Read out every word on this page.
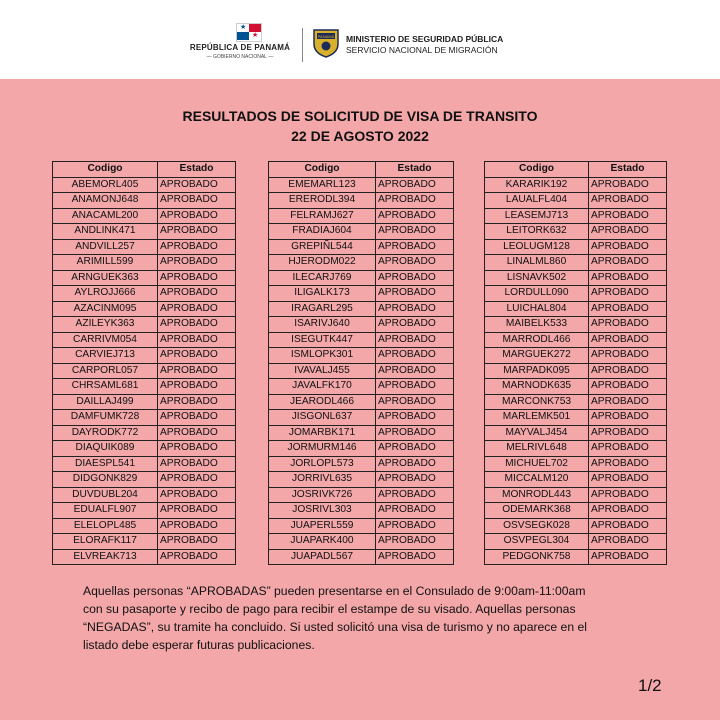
★
★
REPÚBLICA DE PANAMÁ
— GOBIERNO NACIONAL —
PANAMÁ MINISTERIO DE SEGURIDAD PÚBLICA
SERVICIO NACIONAL DE MIGRACIÓN
RESULTADOS DE SOLICITUD DE VISA DE TRANSITO
22 DE AGOSTO 2022
Codigo	Estado
ABEMORL405	APROBADO
ANAMONJ648	APROBADO
ANACAML200	APROBADO
ANDLINK471	APROBADO
ANDVILL257	APROBADO
ARIMILL599	APROBADO
ARNGUEK363	APROBADO
AYLROJJ666	APROBADO
AZACINM095	APROBADO
AZILEYK363	APROBADO
CARRIVM054	APROBADO
CARVIEJ713	APROBADO
CARPORL057	APROBADO
CHRSAML681	APROBADO
DAILLAJ499	APROBADO
DAMFUMK728	APROBADO
DAYRODK772	APROBADO
DIAQUIK089	APROBADO
DIAESPL541	APROBADO
DIDGONK829	APROBADO
DUVDUBL204	APROBADO
EDUALFL907	APROBADO
ELELOPL485	APROBADO
ELORAFK117	APROBADO
ELVREAK713	APROBADO
Codigo	Estado
EMEMARL123	APROBADO
ERERODL394	APROBADO
FELRAMJ627	APROBADO
FRADIAJ604	APROBADO
GREPIÑL544	APROBADO
HJERODM022	APROBADO
ILECARJ769	APROBADO
ILIGALK173	APROBADO
IRAGARL295	APROBADO
ISARIVJ640	APROBADO
ISEGUTK447	APROBADO
ISMLOPK301	APROBADO
IVAVALJ455	APROBADO
JAVALFK170	APROBADO
JEARODL466	APROBADO
JISGONL637	APROBADO
JOMARBK171	APROBADO
JORMURM146	APROBADO
JORLOPL573	APROBADO
JORRIVL635	APROBADO
JOSRIVK726	APROBADO
JOSRIVL303	APROBADO
JUAPERL559	APROBADO
JUAPARK400	APROBADO
JUAPADL567	APROBADO
Codigo	Estado
KARARIK192	APROBADO
LAUALFL404	APROBADO
LEASEMJ713	APROBADO
LEITORK632	APROBADO
LEOLUGM128	APROBADO
LINALML860	APROBADO
LISNAVK502	APROBADO
LORDULL090	APROBADO
LUICHAL804	APROBADO
MAIBELK533	APROBADO
MARRODL466	APROBADO
MARGUEK272	APROBADO
MARPADK095	APROBADO
MARNODK635	APROBADO
MARCONK753	APROBADO
MARLEMK501	APROBADO
MAYVALJ454	APROBADO
MELRIVL648	APROBADO
MICHUEL702	APROBADO
MICCALM120	APROBADO
MONRODL443	APROBADO
ODEMARK368	APROBADO
OSVSEGK028	APROBADO
OSVPEGL304	APROBADO
PEDGONK758	APROBADO
Aquellas personas “APROBADAS” pueden presentarse en el Consulado de 9:00am-11:00am
con su pasaporte y recibo de pago para recibir el estampe de su visado. Aquellas personas
“NEGADAS”, su tramite ha concluido. Si usted solicitó una visa de turismo y no aparece en el
listado debe esperar futuras publicaciones.
1/2
